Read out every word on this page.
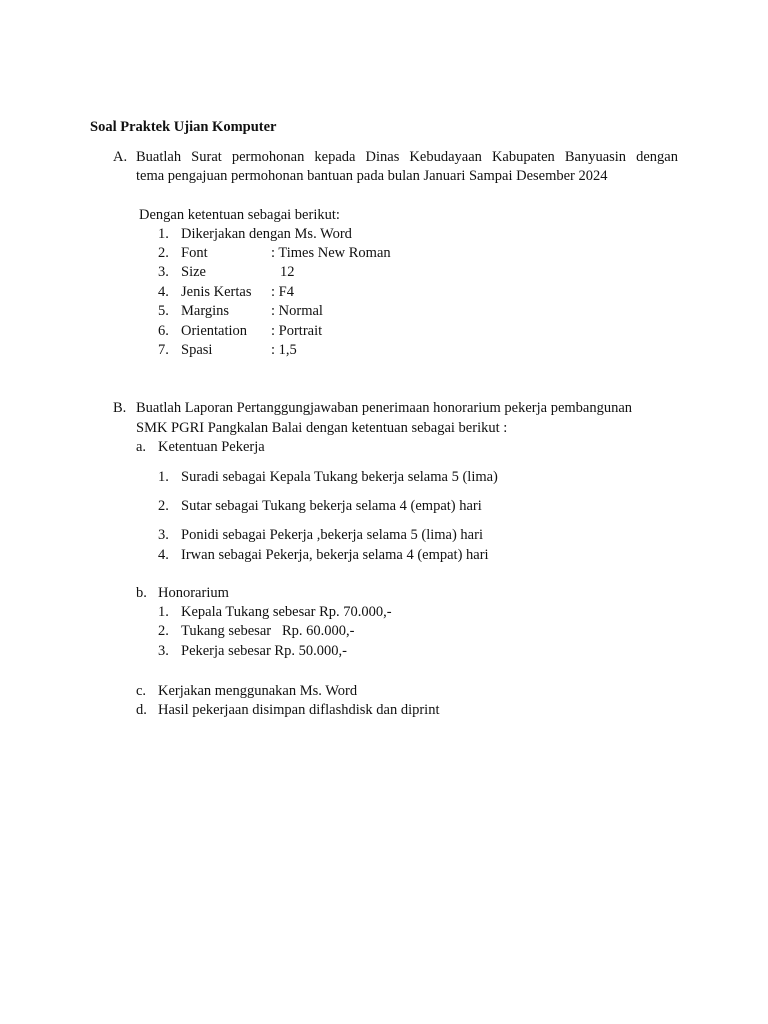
Soal Praktek Ujian Komputer
A. Buatlah Surat permohonan kepada Dinas Kebudayaan Kabupaten Banyuasin dengan
tema pengajuan permohonan bantuan pada bulan Januari Sampai Desember 2024
Dengan ketentuan sebagai berikut:
1. Dikerjakan dengan Ms. Word
2. Font	: Times New Roman
3. Size	12
4. Jenis Kertas : F4
5. Margins	: Normal
6. Orientation : Portrait
7. Spasi	: 1,5
B. Buatlah Laporan Pertanggungjawaban penerimaan honorarium pekerja pembangunan
SMK PGRI Pangkalan Balai dengan ketentuan sebagai berikut :
a. Ketentuan Pekerja
1. Suradi sebagai Kepala Tukang bekerja selama 5 (lima)
2. Sutar sebagai Tukang bekerja selama 4 (empat) hari
3. Ponidi sebagai Pekerja ,bekerja selama 5 (lima) hari
4. Irwan sebagai Pekerja, bekerja selama 4 (empat) hari
b. Honorarium
1. Kepala Tukang sebesar Rp. 70.000,-
2. Tukang sebesar   Rp. 60.000,-
3. Pekerja sebesar Rp. 50.000,-
c. Kerjakan menggunakan Ms. Word
d. Hasil pekerjaan disimpan diflashdisk dan diprint
